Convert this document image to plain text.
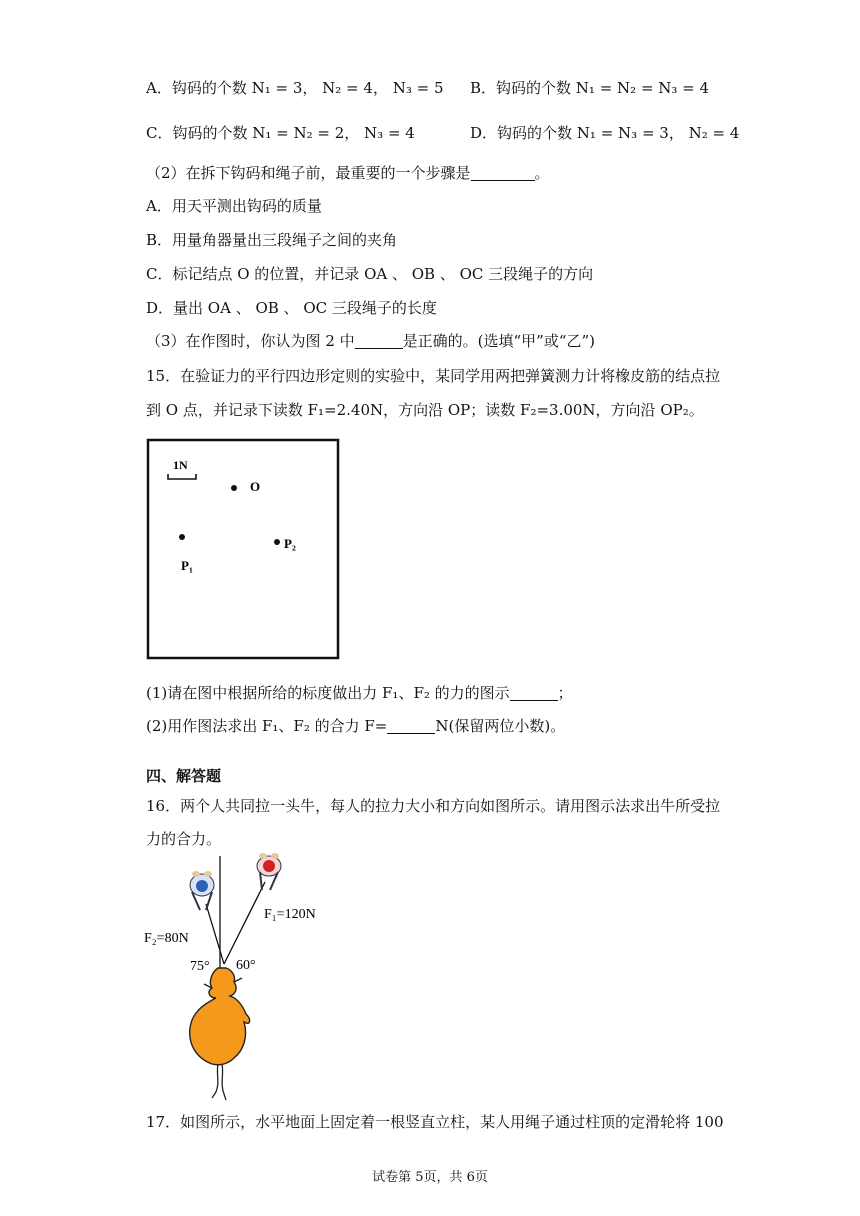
A．钩码的个数 N₁ = 3， N₂ = 4， N₃ = 5 B．钩码的个数 N₁ = N₂ = N₃ = 4
C．钩码的个数 N₁ = N₂ = 2， N₃ = 4	D．钩码的个数 N₁ = N₃ = 3， N₂ = 4
（2）在拆下钩码和绳子前，最重要的一个步骤是	。
A．用天平测出钩码的质量
B．用量角器量出三段绳子之间的夹角
C．标记结点 O 的位置，并记录 OA 、 OB 、 OC 三段绳子的方向
D．量出 OA 、 OB 、 OC 三段绳子的长度
（3）在作图时，你认为图 2 中	是正确的。(选填“甲”或“乙”)
15．在验证力的平行四边形定则的实验中，某同学用两把弹簧测力计将橡皮筋的结点拉
到 O 点，并记录下读数 F₁=2.40N，方向沿 OP；读数 F₂=3.00N，方向沿 OP₂。
1N
O
P₁
P₂
(1)请在图中根据所给的标度做出力 F₁、F₂ 的力的图示	；
(2)用作图法求出 F₁、F₂ 的合力 F=	N(保留两位小数)。
四、解答题
16．两个人共同拉一头牛，每人的拉力大小和方向如图所示。请用图示法求出牛所受拉
力的合力。
F₂=80N
F₁=120N
75° 60°
17．如图所示，水平地面上固定着一根竖直立柱，某人用绳子通过柱顶的定滑轮将 100
试卷第 5页，共 6页
